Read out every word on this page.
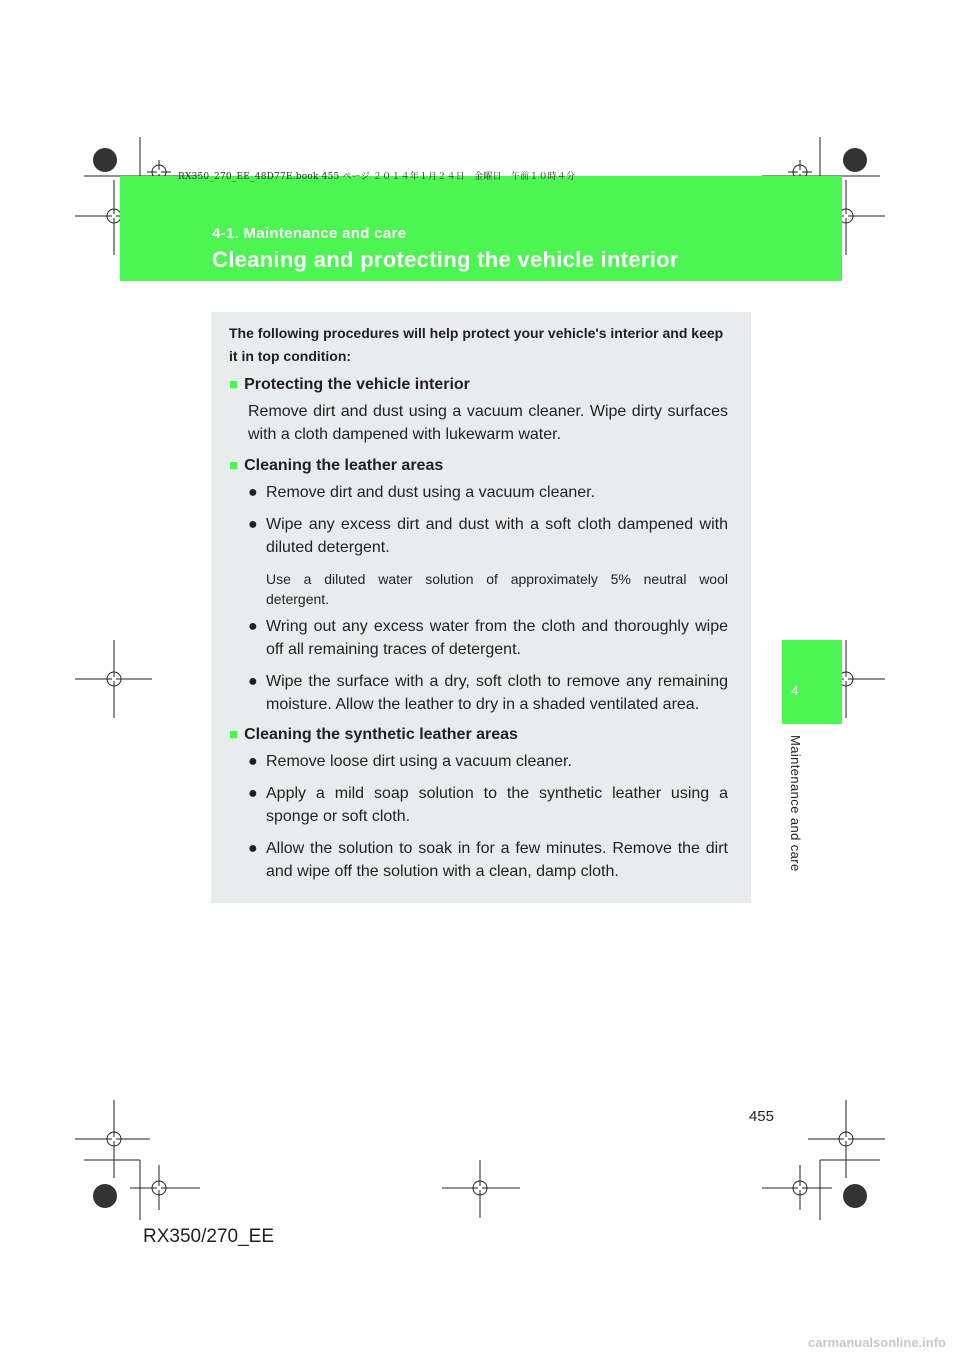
RX350_270_EE_48D77E.book 455 ページ ２０１４年１月２４日　金曜日　午前１０時４分
4-1. Maintenance and care
Cleaning and protecting the vehicle interior
4
Maintenance and care
The following procedures will help protect your vehicle's interior and keep it in top condition:
■ Protecting the vehicle interior
Remove dirt and dust using a vacuum cleaner. Wipe dirty surfaces with a cloth dampened with lukewarm water.
■ Cleaning the leather areas
● Remove dirt and dust using a vacuum cleaner.
● Wipe any excess dirt and dust with a soft cloth dampened with diluted detergent.
Use a diluted water solution of approximately 5% neutral wool
detergent.
● Wring out any excess water from the cloth and thoroughly wipe off all remaining traces of detergent.
● Wipe the surface with a dry, soft cloth to remove any remaining moisture. Allow the leather to dry in a shaded ventilated area.
■ Cleaning the synthetic leather areas
● Remove loose dirt using a vacuum cleaner.
● Apply a mild soap solution to the synthetic leather using a sponge or soft cloth.
● Allow the solution to soak in for a few minutes. Remove the dirt and wipe off the solution with a clean, damp cloth.
455
RX350/270_EE
carmanualsonline.info
